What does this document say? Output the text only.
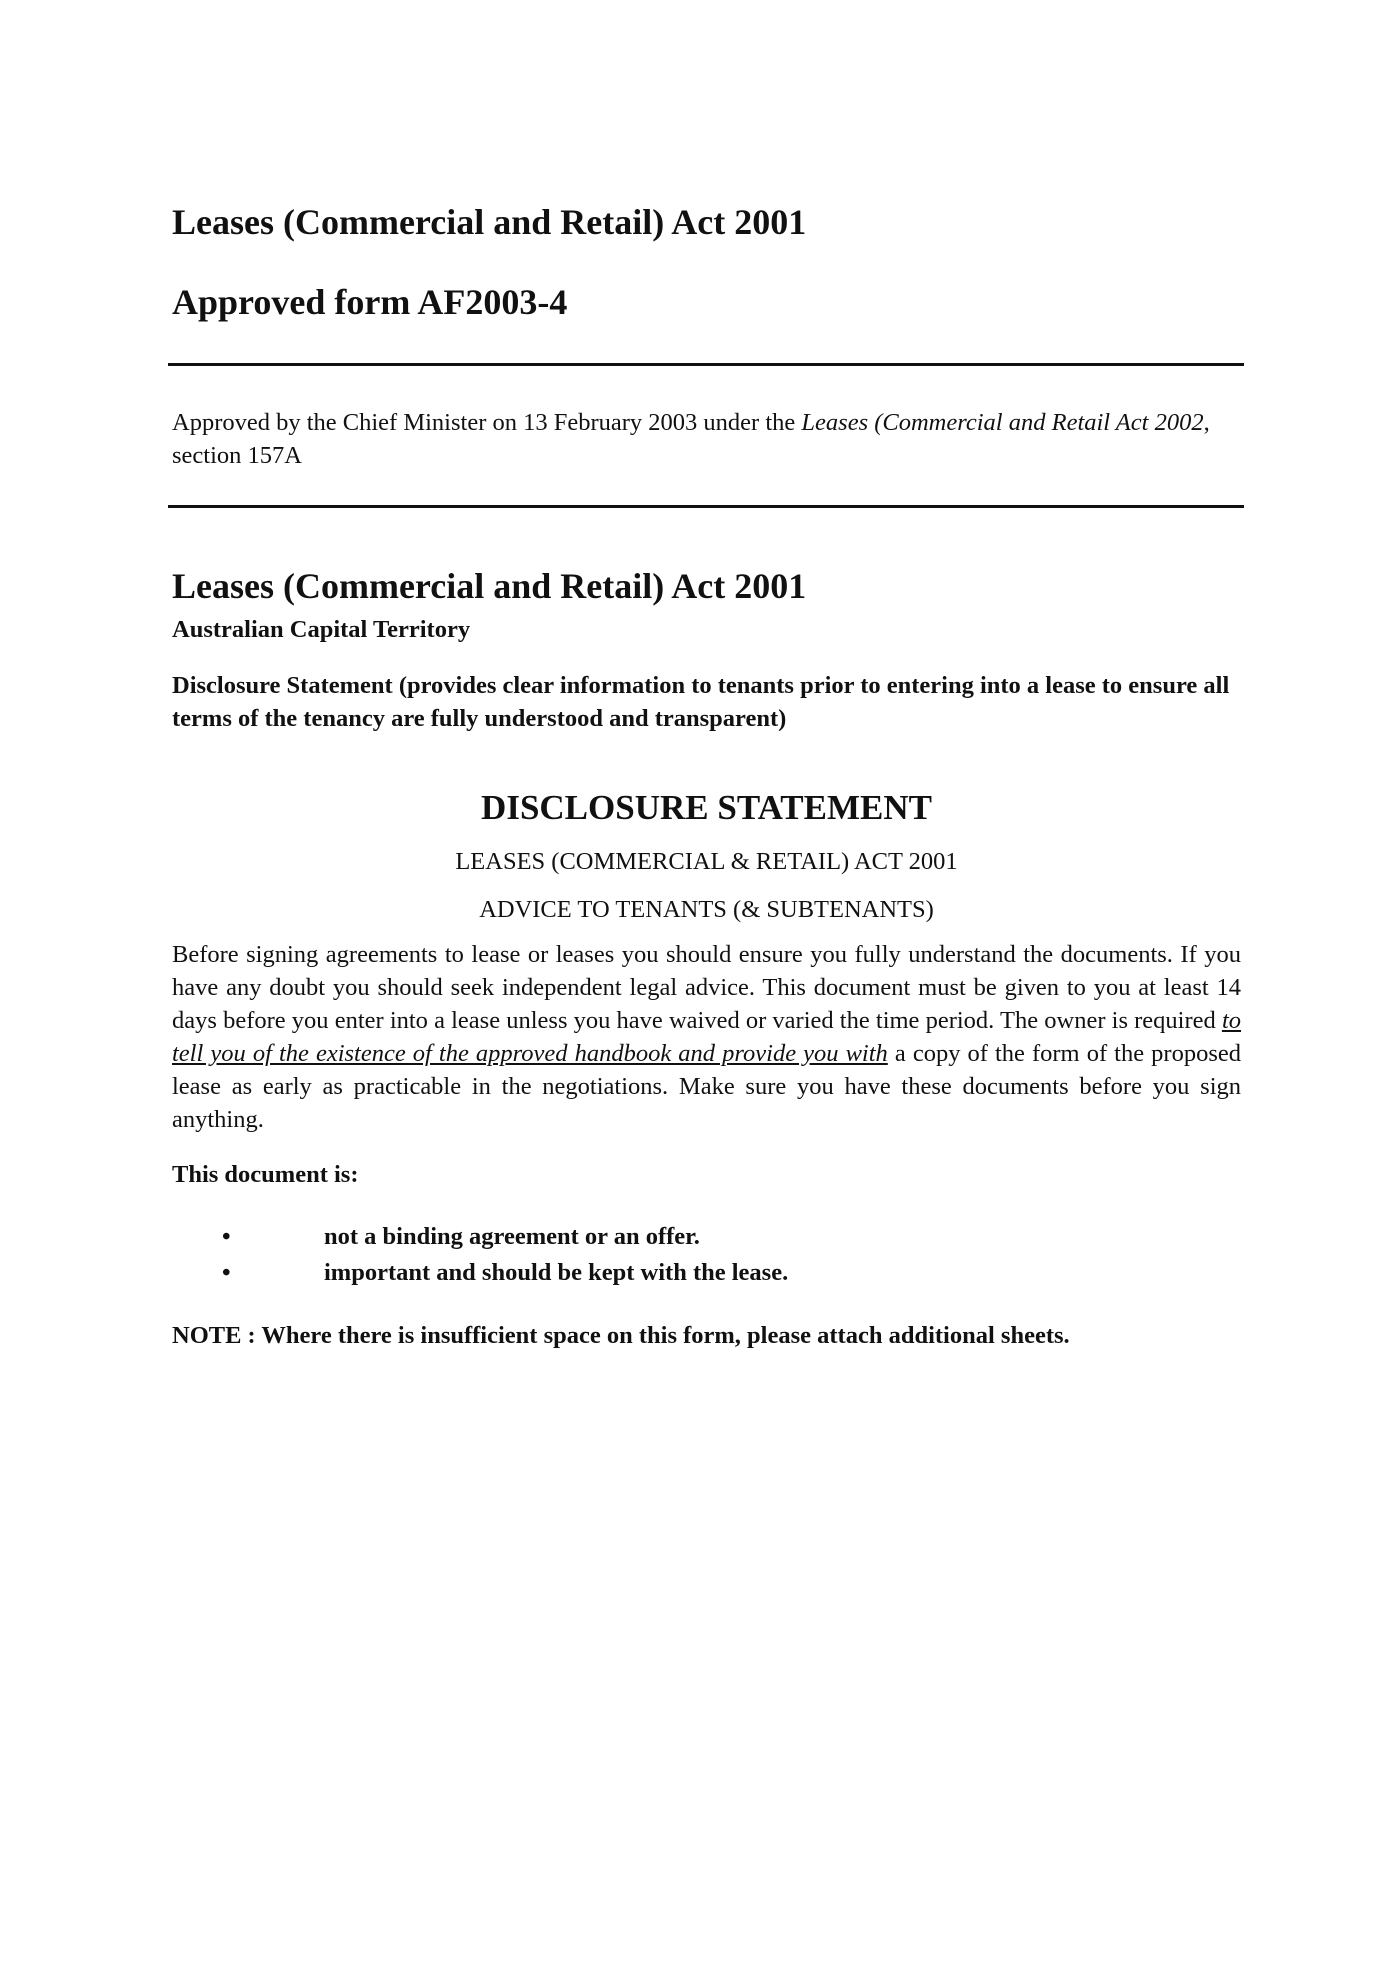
Leases (Commercial and Retail) Act 2001
Approved form AF2003-4

Approved by the Chief Minister on 13 February 2003 under the Leases (Commercial and Retail Act 2002, section 157A

Leases (Commercial and Retail) Act 2001
Australian Capital Territory

Disclosure Statement (provides clear information to tenants prior to entering into a lease to ensure all terms of the tenancy are fully understood and transparent)

DISCLOSURE STATEMENT
LEASES (COMMERCIAL & RETAIL) ACT 2001
ADVICE TO TENANTS (& SUBTENANTS)

Before signing agreements to lease or leases you should ensure you fully understand the documents. If you have any doubt you should seek independent legal advice. This document must be given to you at least 14 days before you enter into a lease unless you have waived or varied the time period. The owner is required to tell you of the existence of the approved handbook and provide you with a copy of the form of the proposed lease as early as practicable in the negotiations. Make sure you have these documents before you sign anything.

This document is:
•	not a binding agreement or an offer.
•	important and should be kept with the lease.
NOTE : Where there is insufficient space on this form, please attach additional sheets.
